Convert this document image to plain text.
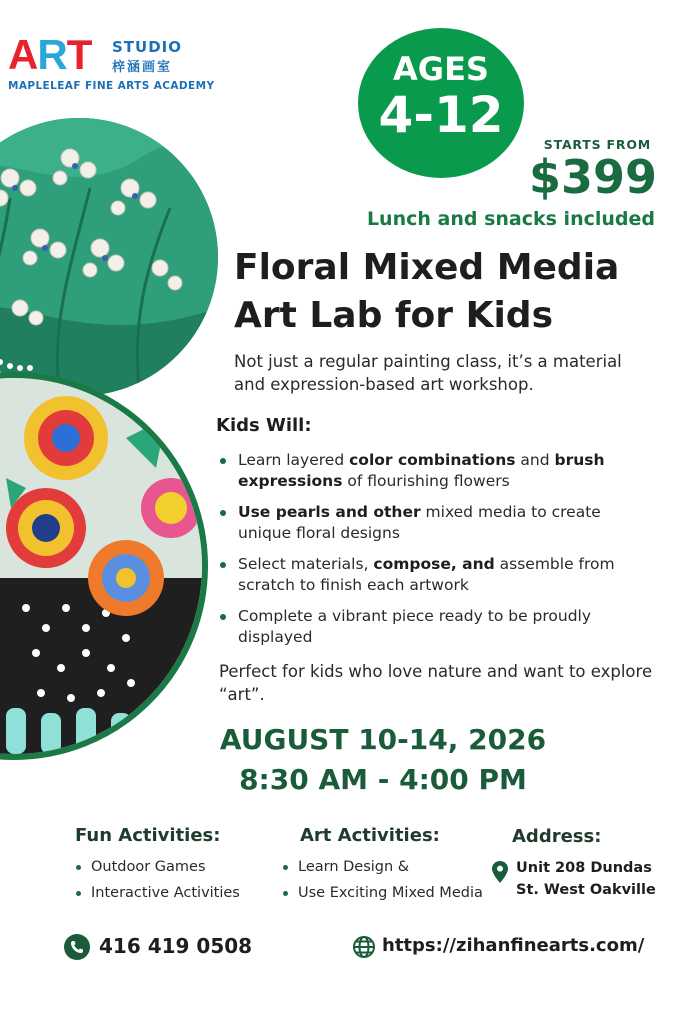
ART STUDIO
梓涵画室
MAPLELEAF FINE ARTS ACADEMY	AGES
4-12
STARTS FROM
$399
Lunch and snacks included
Floral Mixed Media
Art Lab for Kids
Not just a regular painting class, it’s a material and expression-based art workshop.
Kids Will:
Learn layered color combinations and brush expressions of flourishing flowers
Use pearls and other mixed media to create unique floral designs
Select materials, compose, and assemble from scratch to finish each artwork
Complete a vibrant piece ready to be proudly displayed
Perfect for kids who love nature and want to explore “art”.
AUGUST 10-14, 2026
8:30 AM - 4:00 PM
Fun Activities:
Outdoor Games
Interactive Activities
Art Activities:
Learn Design &
Use Exciting Mixed Media
Address:
Unit 208 Dundas
St. West Oakville
416 419 0508	https://zihanfinearts.com/
